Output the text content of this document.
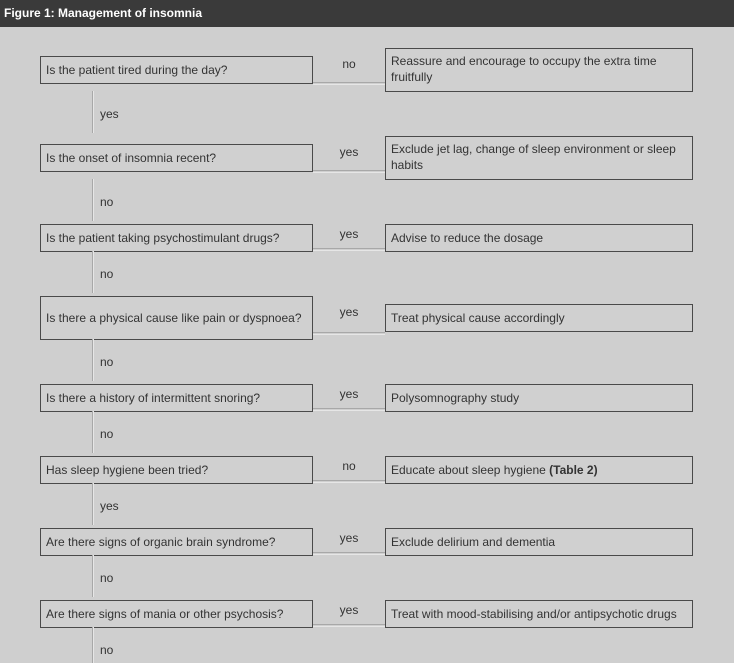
Figure 1: Management of insomnia
Is the patient tired during the day?	no	Reassure and encourage to occupy the extra time fruitfully
yes
Is the onset of insomnia recent?	yes	Exclude jet lag, change of sleep environment or sleep habits
no
Is the patient taking psychostimulant drugs?	yes	Advise to reduce the dosage
no
Is there a physical cause like pain or dyspnoea?	yes	Treat physical cause accordingly
no
Is there a history of intermittent snoring?	yes	Polysomnography study
no
Has sleep hygiene been tried?	no	Educate about sleep hygiene
(Table 2)
yes
Are there signs of organic brain syndrome?	yes	Exclude delirium and dementia
no
Are there signs of mania or other psychosis?	yes	Treat with mood-stabilising and/or antipsychotic drugs
no
